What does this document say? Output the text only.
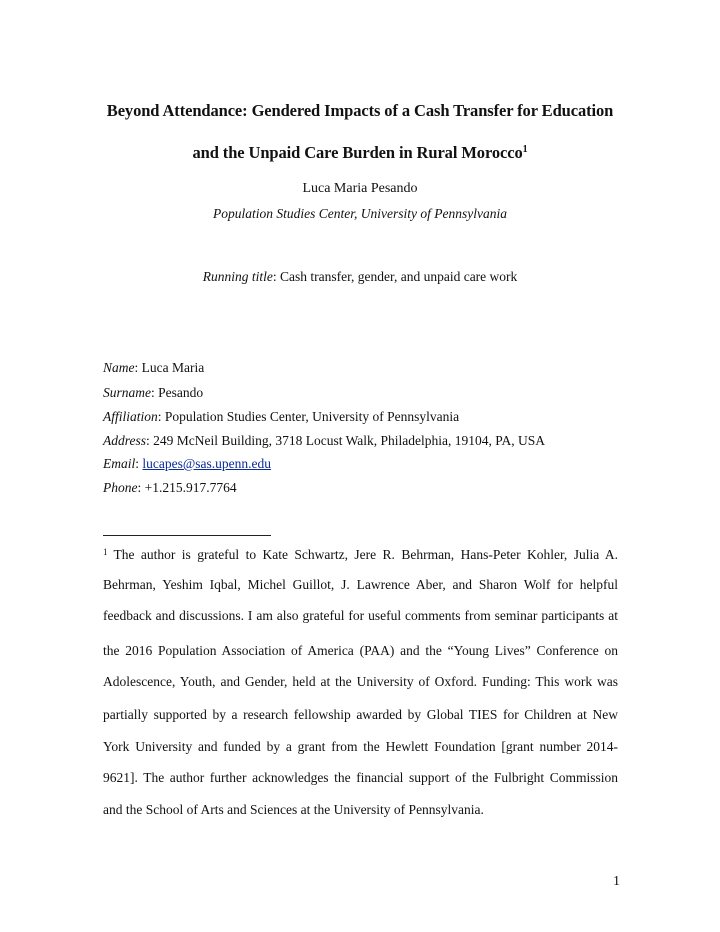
Beyond Attendance: Gendered Impacts of a Cash Transfer for Education
and the Unpaid Care Burden in Rural Morocco$^1$
Luca Maria Pesando
Population Studies Center, University of Pennsylvania
Running title: Cash transfer, gender, and unpaid care work
Name: Luca Maria
Surname: Pesando
Affiliation: Population Studies Center, University of Pennsylvania
Address: 249 McNeil Building, 3718 Locust Walk, Philadelphia, 19104, PA, USA
Email: lucapes@sas.upenn.edu
Phone: +1.215.917.7764
$^1$ The author is grateful to Kate Schwartz, Jere R. Behrman, Hans-Peter Kohler, Julia A.
Behrman, Yeshim Iqbal, Michel Guillot, J. Lawrence Aber, and Sharon Wolf for helpful
feedback and discussions. I am also grateful for useful comments from seminar participants at
the 2016 Population Association of America (PAA) and the “Young Lives” Conference on
Adolescence, Youth, and Gender, held at the University of Oxford. Funding: This work was
partially supported by a research fellowship awarded by Global TIES for Children at New
York University and funded by a grant from the Hewlett Foundation [grant number 2014-
9621]. The author further acknowledges the financial support of the Fulbright Commission
and the School of Arts and Sciences at the University of Pennsylvania.
1
